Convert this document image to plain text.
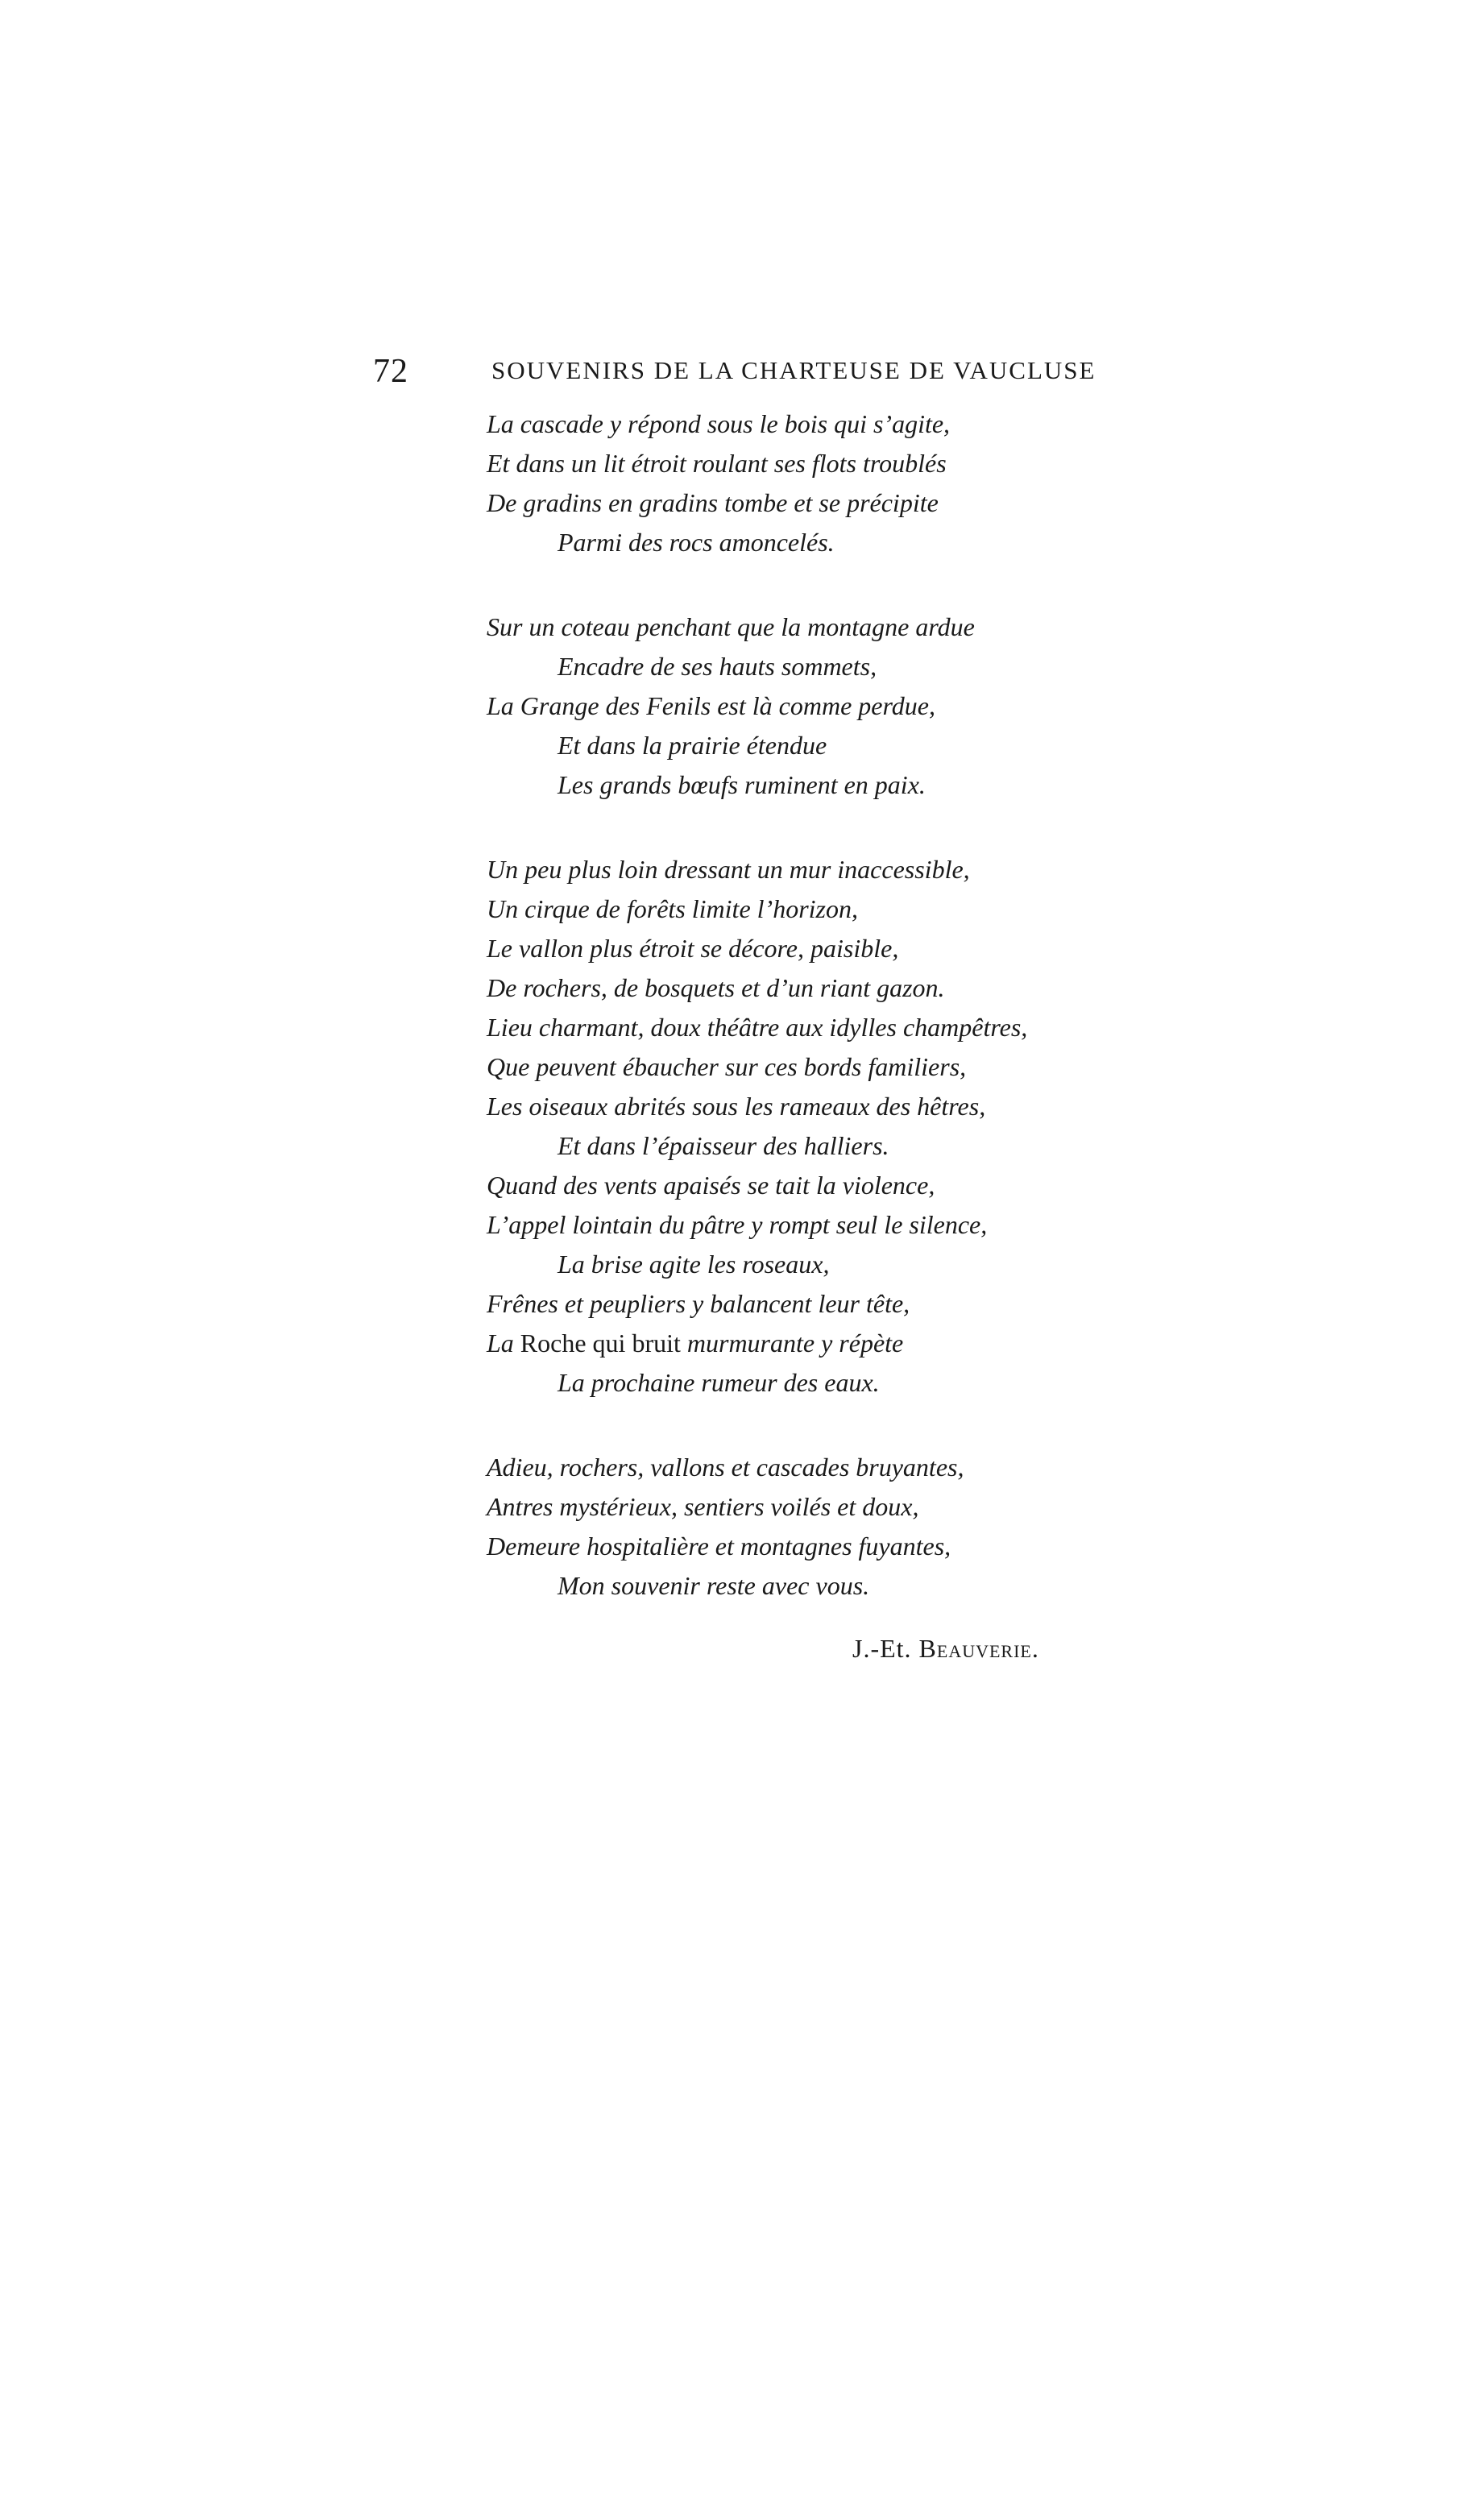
72	SOUVENIRS DE LA CHARTEUSE DE VAUCLUSE
La cascade y répond sous le bois qui s’agite,
Et dans un lit étroit roulant ses flots troublés
De gradins en gradins tombe et se précipite
Parmi des rocs amoncelés.
Sur un coteau penchant que la montagne ardue
Encadre de ses hauts sommets,
La Grange des Fenils est là comme perdue,
Et dans la prairie étendue
Les grands bœufs ruminent en paix.
Un peu plus loin dressant un mur inaccessible,
Un cirque de forêts limite l’horizon,
Le vallon plus étroit se décore, paisible,
De rochers, de bosquets et d’un riant gazon.
Lieu charmant, doux théâtre aux idylles champêtres,
Que peuvent ébaucher sur ces bords familiers,
Les oiseaux abrités sous les rameaux des hêtres,
Et dans l’épaisseur des halliers.
Quand des vents apaisés se tait la violence,
L’appel lointain du pâtre y rompt seul le silence,
La brise agite les roseaux,
Frênes et peupliers y balancent leur tête,
La Roche qui bruit murmurante y répète
La prochaine rumeur des eaux.
Adieu, rochers, vallons et cascades bruyantes,
Antres mystérieux, sentiers voilés et doux,
Demeure hospitalière et montagnes fuyantes,
Mon souvenir reste avec vous.
J.-Et. Beauverie.
